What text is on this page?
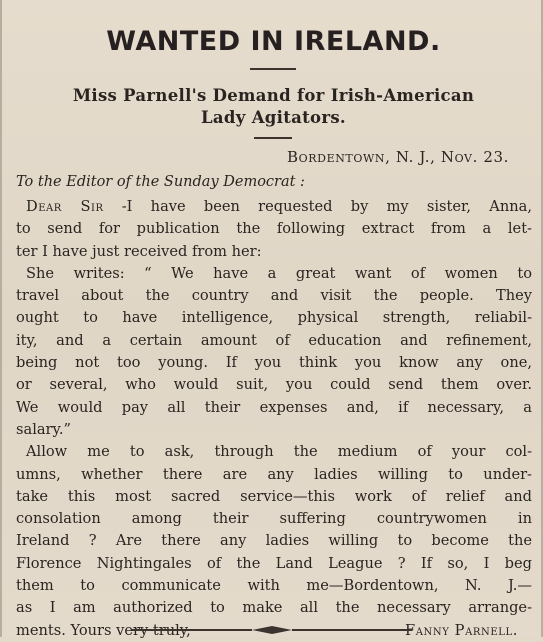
WANTED IN IRELAND.
Miss Parnell's Demand for Irish-American
Lady Agitators.
Bordentown, N. J., Nov. 23.
To the Editor of the Sunday Democrat :
Dear Sir -I have been requested by my sister, Anna,
to send for publication the following extract from a let-
ter I have just received from her:
She writes: “ We have a great want of women to
travel about the country and visit the people. They
ought to have intelligence, physical strength, reliabil-
ity, and a certain amount of education and refinement,
being not too young. If you think you know any one,
or several, who would suit, you could send them over.
We would pay all their expenses and, if necessary, a
salary.”
Allow me to ask, through the medium of your col-
umns, whether there are any ladies willing to under-
take this most sacred service—this work of relief and
consolation among their suffering countrywomen in
Ireland ? Are there any ladies willing to become the
Florence Nightingales of the Land League ? If so, I beg
them to communicate with me—Bordentown, N. J.—
as I am authorized to make all the necessary arrange-
ments. Yours very truly,	Fanny Parnell.
